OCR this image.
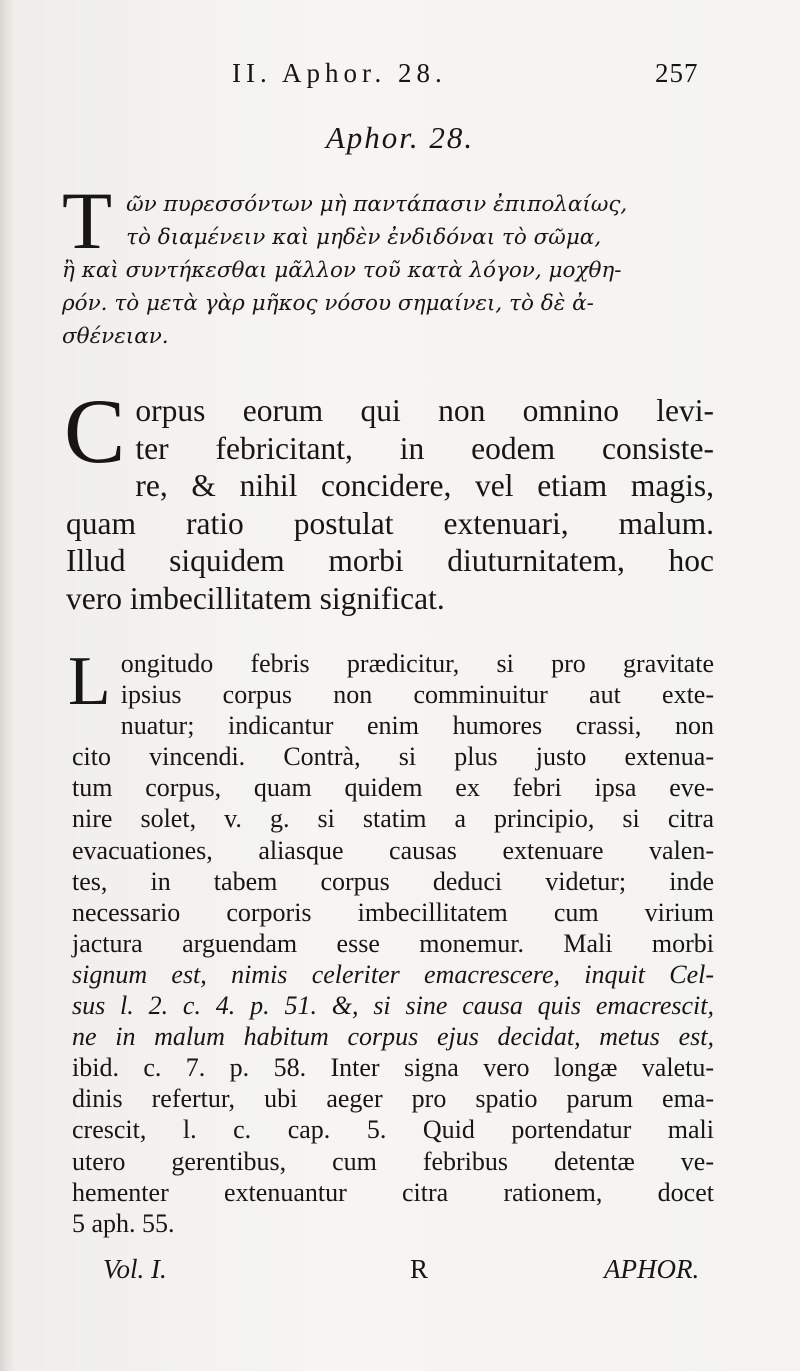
II. Aphor. 28.	257
Aphor. 28.
Τ ῶν πυρεσσόντων μὴ παντάπασιν ἐπιπολαίως,
τὸ διαμένειν καὶ μηδὲν ἐνδιδόναι τὸ σῶμα,
ἢ καὶ συντήκεσθαι μᾶλλον τοῦ κατὰ λόγον, μοχθη-
ρόν. τὸ μετὰ γὰρ μῆκος νόσου σημαίνει, τὸ δὲ ἀ-
σθένειαν.
C orpus eorum qui non omnino levi-
ter febricitant, in eodem consiste-
re, & nihil concidere, vel etiam magis,
quam ratio postulat extenuari, malum.
Illud siquidem morbi diuturnitatem, hoc
vero imbecillitatem significat.
L ongitudo febris prædicitur, si pro gravitate
ipsius corpus non comminuitur aut exte-
nuatur; indicantur enim humores crassi, non
cito vincendi. Contrà, si plus justo extenua-
tum corpus, quam quidem ex febri ipsa eve-
nire solet, v. g. si statim a principio, si citra
evacuationes, aliasque causas extenuare valen-
tes, in tabem corpus deduci videtur; inde
necessario corporis imbecillitatem cum virium
jactura arguendam esse monemur. Mali morbi
signum est, nimis celeriter emacrescere, inquit Cel-
sus l. 2. c. 4. p. 51. &, si sine causa quis emacrescit,
ne in malum habitum corpus ejus decidat, metus est,
ibid. c. 7. p. 58. Inter signa vero longæ valetu-
dinis refertur, ubi aeger pro spatio parum ema-
crescit, l. c. cap. 5. Quid portendatur mali
utero gerentibus, cum febribus detentæ ve-
hementer extenuantur citra rationem, docet
5 aph. 55.
Vol. I.	R	APHOR.
